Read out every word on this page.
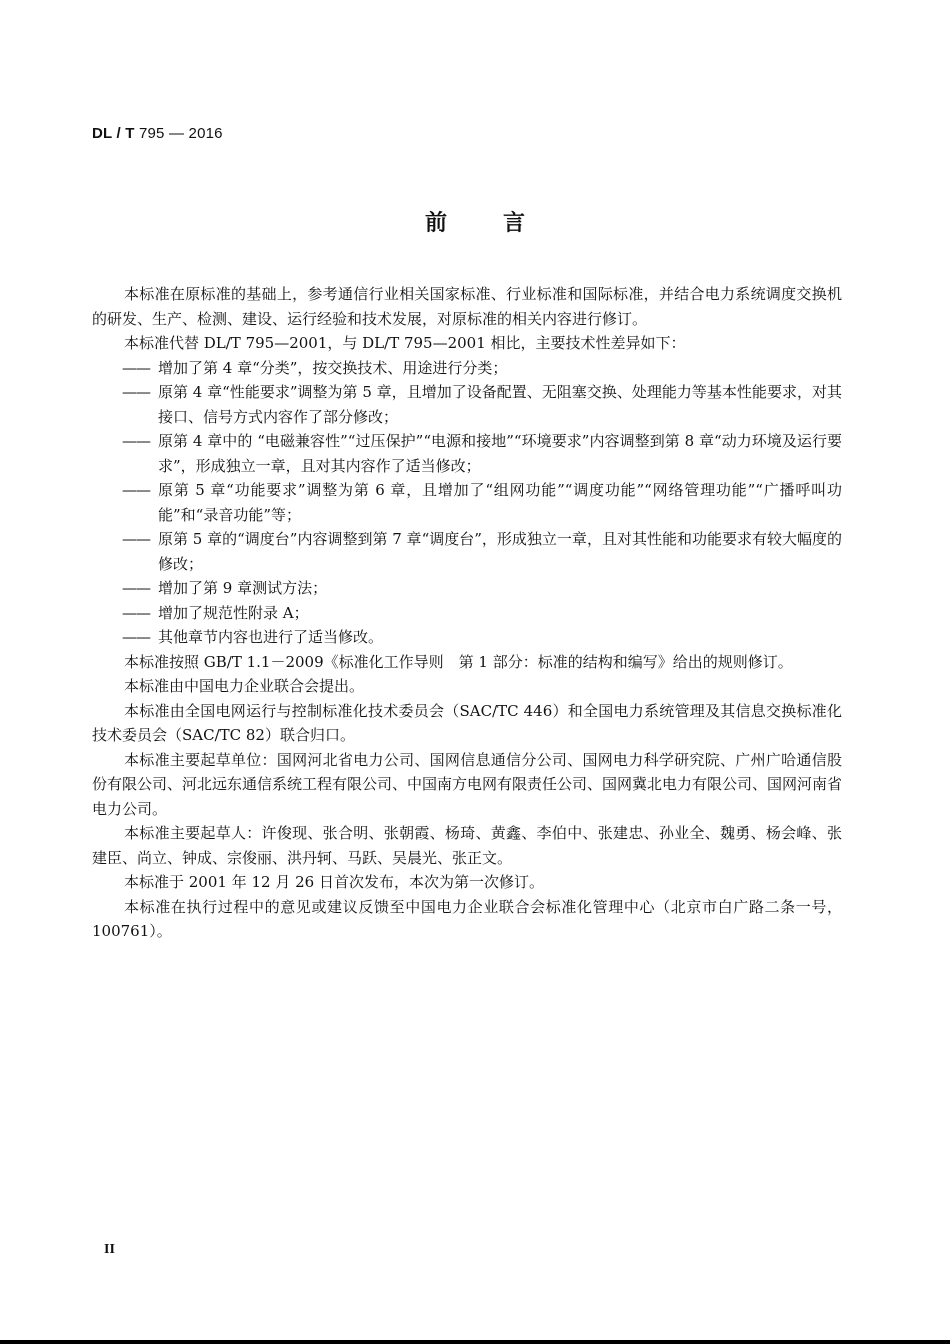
DL / T 795 — 2016
前	言

本标准在原标准的基础上，参考通信行业相关国家标准、行业标准和国际标准，并结合电力系统调度交换机的研发、生产、检测、建设、运行经验和技术发展，对原标准的相关内容进行修订。

本标准代替 DL/T 795—2001，与 DL/T 795—2001 相比，主要技术性差异如下：

—— 增加了第 4 章“分类”，按交换技术、用途进行分类；

—— 原第 4 章“性能要求”调整为第 5 章，且增加了设备配置、无阻塞交换、处理能力等基本性能要求，对其接口、信号方式内容作了部分修改；

—— 原第 4 章中的 “电磁兼容性”“过压保护”“电源和接地”“环境要求”内容调整到第 8 章“动力环境及运行要求”，形成独立一章，且对其内容作了适当修改；

—— 原第 5 章“功能要求”调整为第 6 章，且增加了“组网功能”“调度功能”“网络管理功能”“广播呼叫功能”和“录音功能”等；

—— 原第 5 章的“调度台”内容调整到第 7 章“调度台”，形成独立一章，且对其性能和功能要求有较大幅度的修改；

—— 增加了第 9 章测试方法；

—— 增加了规范性附录 A；

—— 其他章节内容也进行了适当修改。

本标准按照 GB/T 1.1－2009《标准化工作导则　第 1 部分：标准的结构和编写》给出的规则修订。

本标准由中国电力企业联合会提出。

本标准由全国电网运行与控制标准化技术委员会（SAC/TC 446）和全国电力系统管理及其信息交换标准化技术委员会（SAC/TC 82）联合归口。

本标准主要起草单位：国网河北省电力公司、国网信息通信分公司、国网电力科学研究院、广州广哈通信股份有限公司、河北远东通信系统工程有限公司、中国南方电网有限责任公司、国网冀北电力有限公司、国网河南省电力公司。

本标准主要起草人：许俊现、张合明、张朝霞、杨琦、黄鑫、李伯中、张建忠、孙业全、魏勇、杨会峰、张建臣、尚立、钟成、宗俊丽、洪丹轲、马跃、吴晨光、张正文。

本标准于 2001 年 12 月 26 日首次发布，本次为第一次修订。

本标准在执行过程中的意见或建议反馈至中国电力企业联合会标准化管理中心（北京市白广路二条一号，100761）。

II
